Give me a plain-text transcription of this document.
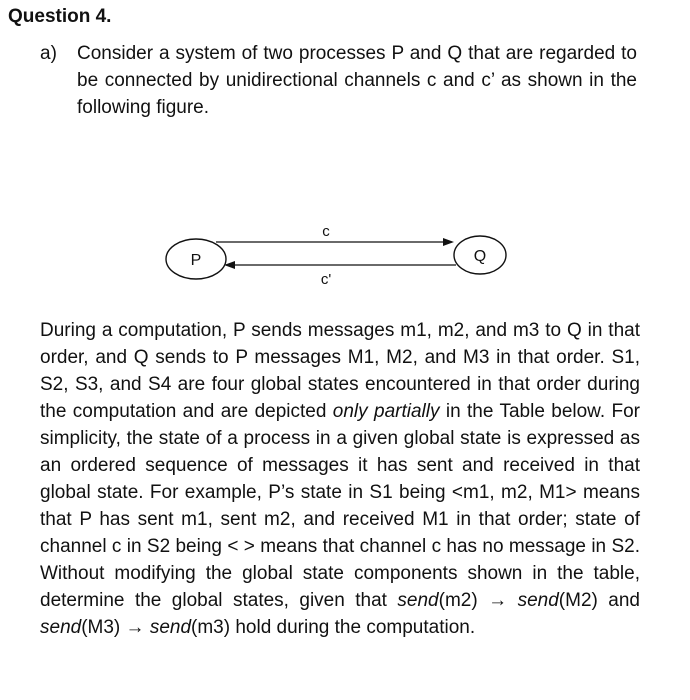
Question 4.
a) Consider a system of two processes P and Q that are regarded to be connected by unidirectional channels c and c’ as shown in the following figure.

P	Q
c
c'

During a computation, P sends messages m1, m2, and m3 to Q in that order, and Q sends to P messages M1, M2, and M3 in that order. S1, S2, S3, and S4 are four global states encountered in that order during the computation and are depicted only partially in the Table below. For simplicity, the state of a process in a given global state is expressed as an ordered sequence of messages it has sent and received in that global state. For example, P’s state in S1 being <m1, m2, M1> means that P has sent m1, sent m2, and received M1 in that order; state of channel c in S2 being < > means that channel c has no message in S2. Without modifying the global state components shown in the table, determine the global states, given that send(m2) → send(M2) and send(M3) → send(m3) hold during the computation.
